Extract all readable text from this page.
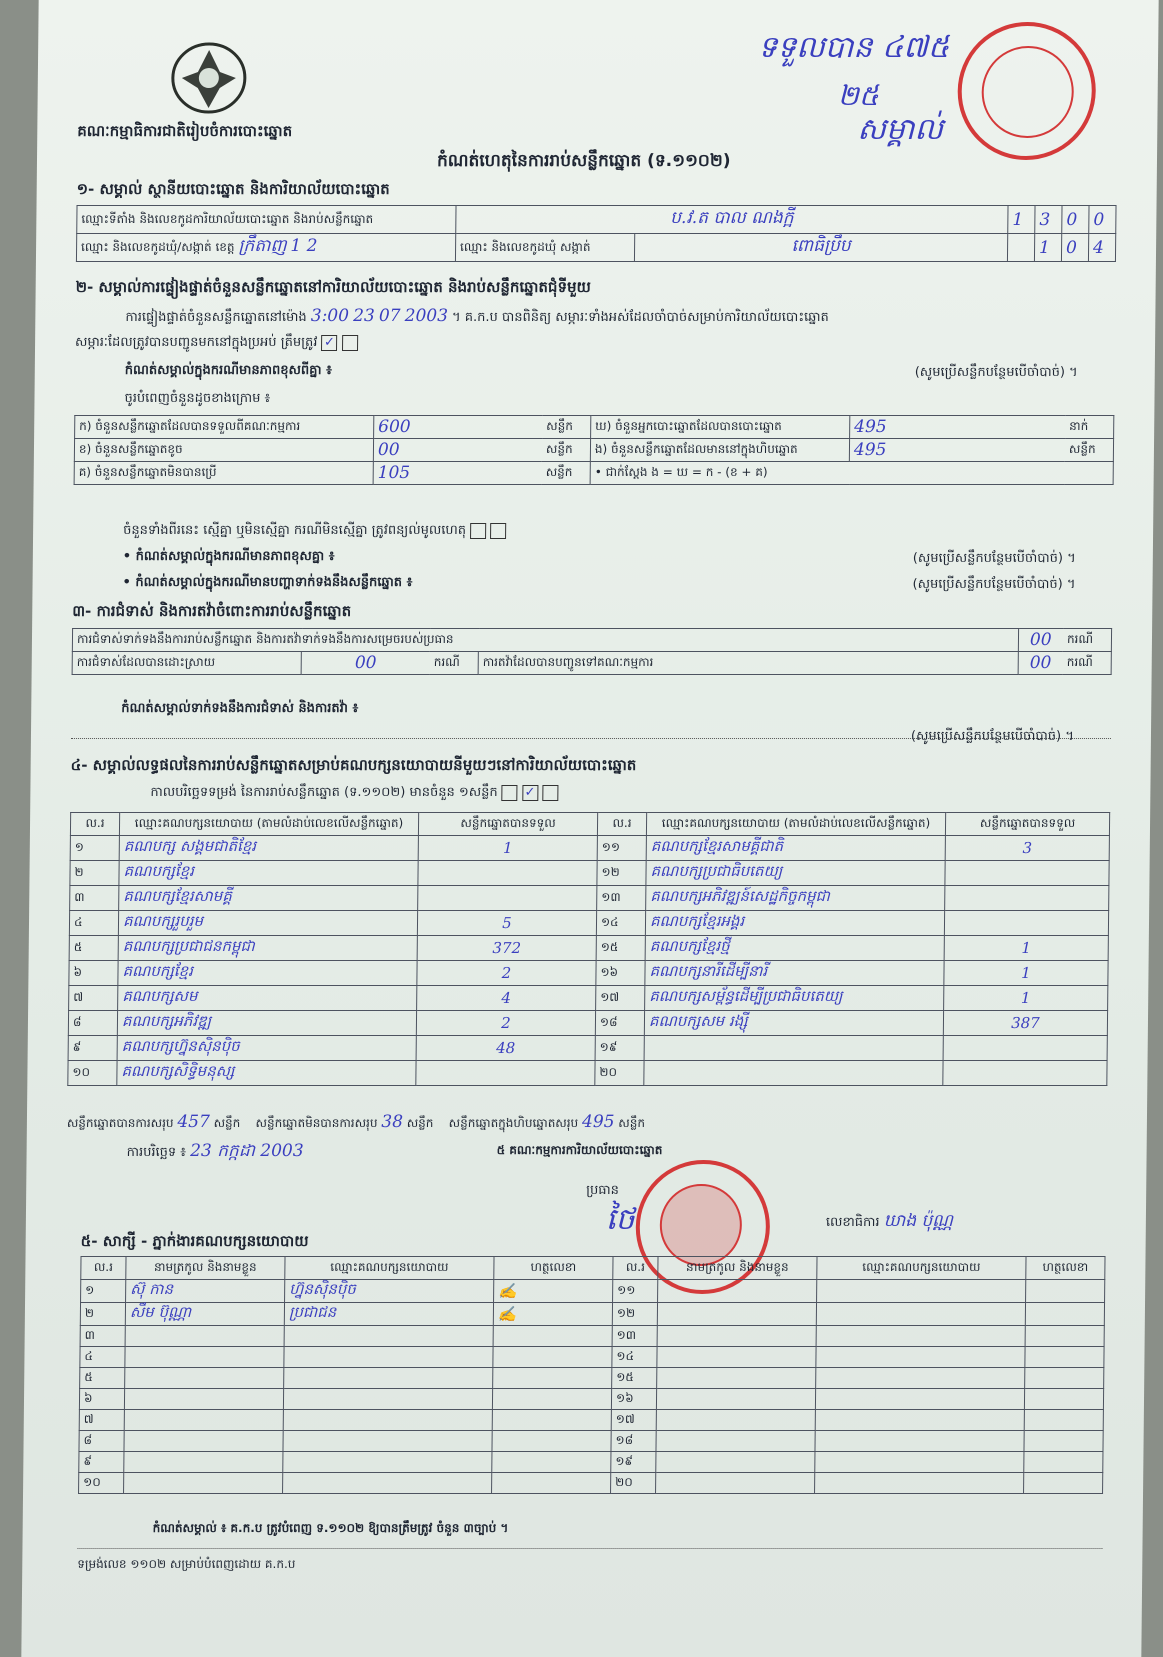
គណៈកម្មាធិការជាតិរៀបចំការបោះឆ្នោត
ទទួលបាន ៤៧៥
២៥
សម្គាល់
កំណត់ហេតុនៃការរាប់សន្លឹកឆ្នោត (ទ.១១០២)
១- សម្គាល់ ស្ថានីយបោះឆ្នោត និងការិយាល័យបោះឆ្នោត
ឈ្មោះទីតាំង និងលេខកូដការិយាល័យបោះឆ្នោត និងរាប់សន្លឹកឆ្នោត	ប.វ.ត បាល ណងក្អី		1	3	0	0
ឈ្មោះ និងលេខកូដឃុំ/សង្កាត់ ខេត្ត ក្រឹតាញ 1 2	ឈ្មោះ និងលេខកូដឃុំ សង្កាត់	ពោធិប្រឹប		1	0	4
២- សម្គាល់ការផ្ទៀងផ្ទាត់ចំនួនសន្លឹកឆ្នោតនៅការិយាល័យបោះឆ្នោត និងរាប់សន្លឹកឆ្នោតជុំទីមួយ
ការផ្ទៀងផ្ទាត់ចំនួនសន្លឹកឆ្នោតនៅម៉ោង 3:00 23 07 2003 ។ គ.ក.ប បានពិនិត្យ សម្ភារៈទាំងអស់ដែលចាំបាច់សម្រាប់ការិយាល័យបោះឆ្នោត
សម្ភារៈដែលត្រូវបានបញ្ជូនមកនៅក្នុងប្រអប់ ត្រឹមត្រូវ ✓
កំណត់សម្គាល់ក្នុងករណីមានភាពខុសពីគ្នា ៖	(សូមប្រើសន្លឹកបន្ថែមបើចាំបាច់) ។
ចូរបំពេញចំនួនដូចខាងក្រោម ៖
ក) ចំនួនសន្លឹកឆ្នោតដែលបានទទួលពីគណៈកម្មការ	600	សន្លឹក	ឃ) ចំនួនអ្នកបោះឆ្នោតដែលបានបោះឆ្នោត	495	នាក់
ខ) ចំនួនសន្លឹកឆ្នោតខូច	00	សន្លឹក	ង) ចំនួនសន្លឹកឆ្នោតដែលមាននៅក្នុងហិបឆ្នោត	495	សន្លឹក
គ) ចំនួនសន្លឹកឆ្នោតមិនបានប្រើ	105	សន្លឹក	• ជាក់ស្តែង ង = ឃ = ក - (ខ + គ)		
ចំនួនទាំងពីរនេះ ស្មើគ្នា ឬមិនស្មើគ្នា ករណីមិនស្មើគ្នា ត្រូវពន្យល់មូលហេតុ
• កំណត់សម្គាល់ក្នុងករណីមានភាពខុសគ្នា ៖	(សូមប្រើសន្លឹកបន្ថែមបើចាំបាច់) ។
• កំណត់សម្គាល់ក្នុងករណីមានបញ្ហាទាក់ទងនឹងសន្លឹកឆ្នោត ៖	(សូមប្រើសន្លឹកបន្ថែមបើចាំបាច់) ។
៣- ការជំទាស់ និងការតវ៉ាចំពោះការរាប់សន្លឹកឆ្នោត
ការជំទាស់ទាក់ទងនឹងការរាប់សន្លឹកឆ្នោត និងការតវ៉ាទាក់ទងនឹងការសម្រេចរបស់ប្រធាន				00	ករណី
ការជំទាស់ដែលបានដោះស្រាយ	00	ករណី	ការតវ៉ាដែលបានបញ្ជូនទៅគណៈកម្មការ	00	ករណី
កំណត់សម្គាល់ទាក់ទងនឹងការជំទាស់ និងការតវ៉ា ៖
(សូមប្រើសន្លឹកបន្ថែមបើចាំបាច់) ។
៤- សម្គាល់លទ្ធផលនៃការរាប់សន្លឹកឆ្នោតសម្រាប់គណបក្សនយោបាយនីមួយៗនៅការិយាល័យបោះឆ្នោត
កាលបរិច្ឆេទទម្រង់ នៃការរាប់សន្លឹកឆ្នោត (ទ.១១០២) មានចំនួន ១សន្លឹក ✓
ល.រ	ឈ្មោះគណបក្សនយោបាយ (តាមលំដាប់លេខលើសន្លឹកឆ្នោត)	សន្លឹកឆ្នោតបានទទួល	ល.រ	ឈ្មោះគណបក្សនយោបាយ (តាមលំដាប់លេខលើសន្លឹកឆ្នោត)	សន្លឹកឆ្នោតបានទទួល
១	គណបក្ស សង្គមជាតិខ្មែរ	1	១១	គណបក្សខ្មែរសាមគ្គីជាតិ	3
២	គណបក្សខ្មែរ		១២	គណបក្សប្រជាធិបតេយ្យ	
៣	គណបក្សខ្មែរសាមគ្គី		១៣	គណបក្សអភិវឌ្ឍន៍សេដ្ឋកិច្ចកម្ពុជា	
៤	គណបក្សរួបរួម	5	១៤	គណបក្សខ្មែរអង្គរ	
៥	គណបក្សប្រជាជនកម្ពុជា	372	១៥	គណបក្សខ្មែរថ្មី	1
៦	គណបក្សខ្មែរ	2	១៦	គណបក្សនារីដើម្បីនារី	1
៧	គណបក្សសម	4	១៧	គណបក្សសម្ព័ន្ធដើម្បីប្រជាធិបតេយ្យ	1
៨	គណបក្សអភិវឌ្ឍ	2	១៨	គណបក្សសម រង្ស៊ី	387
៩	គណបក្សហ្វ៊ុនស៊ិនប៉ិច	48	១៩		
១០	គណបក្សសិទ្ធិមនុស្ស		២០		
សន្លឹកឆ្នោតបានការសរុប 457 សន្លឹក សន្លឹកឆ្នោតមិនបានការសរុប 38 សន្លឹក សន្លឹកឆ្នោតក្នុងហិបឆ្នោតសរុប 495 សន្លឹក
ការបរិច្ឆេទ ៖ 23 កក្កដា 2003	៥ គណៈកម្មការការិយាល័យបោះឆ្នោត
ប្រធាន
ថៃ	លេខាធិការ ឃាង ប៉ុណ្ណ
៥- សាក្សី - ភ្នាក់ងារគណបក្សនយោបាយ
ល.រ	នាមត្រកូល និងនាមខ្លួន	ឈ្មោះគណបក្សនយោបាយ	ហត្ថលេខា	ល.រ	នាមត្រកូល និងនាមខ្លួន	ឈ្មោះគណបក្សនយោបាយ	ហត្ថលេខា
១	ស៊ុ កាន	ហ្វ៊ុនស៊ិនប៉ិច	✍	១១			
២	សឹម ប៊ុណ្ណា	ប្រជាជន	✍	១២			
៣				១៣			
៤				១៤			
៥				១៥			
៦				១៦			
៧				១៧			
៨				១៨			
៩				១៩			
១០				២០			
កំណត់សម្គាល់ ៖ គ.ក.ប ត្រូវបំពេញ ទ.១១០២ ឱ្យបានត្រឹមត្រូវ ចំនួន ៣ច្បាប់ ។
ទម្រង់លេខ ១១០២ សម្រាប់បំពេញដោយ គ.ក.ប
